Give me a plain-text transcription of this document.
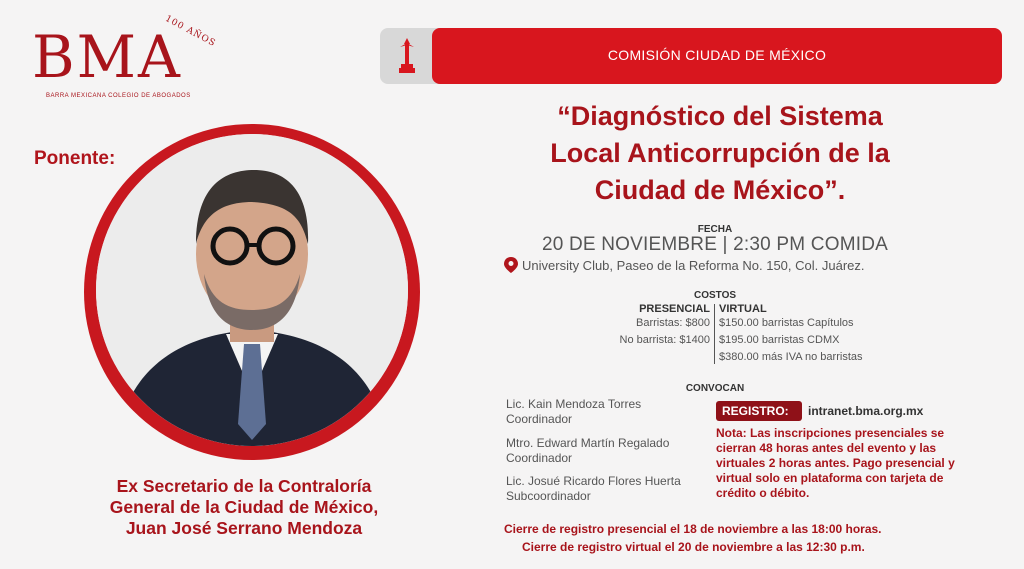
BMA
100 AÑOS
BARRA MEXICANA COLEGIO DE ABOGADOS
Ponente:
Ex Secretario de la Contraloría
General de la Ciudad de México,
Juan José Serrano Mendoza
COMISIÓN CIUDAD DE MÉXICO
“Diagnóstico del Sistema
Local Anticorrupción de la
Ciudad de México”.
FECHA
20 DE NOVIEMBRE | 2:30 PM COMIDA
University Club, Paseo de la Reforma No. 150, Col. Juárez.
COSTOS
PRESENCIAL VIRTUAL
Barristas: $800
No barrista: $1400
$150.00 barristas Capítulos
$195.00 barristas CDMX
$380.00 más IVA no barristas
CONVOCAN
Lic. Kain Mendoza Torres
Coordinador
Mtro. Edward Martín Regalado
Coordinador
Lic. Josué Ricardo Flores Huerta
Subcoordinador
REGISTRO:	intranet.bma.org.mx
Nota: Las inscripciones presenciales se cierran 48 horas antes del evento y las virtuales 2 horas antes. Pago presencial y virtual solo en plataforma con tarjeta de crédito o débito.
Cierre de registro presencial el 18 de noviembre a las 18:00 horas.
Cierre de registro virtual el 20 de noviembre a las 12:30 p.m.
